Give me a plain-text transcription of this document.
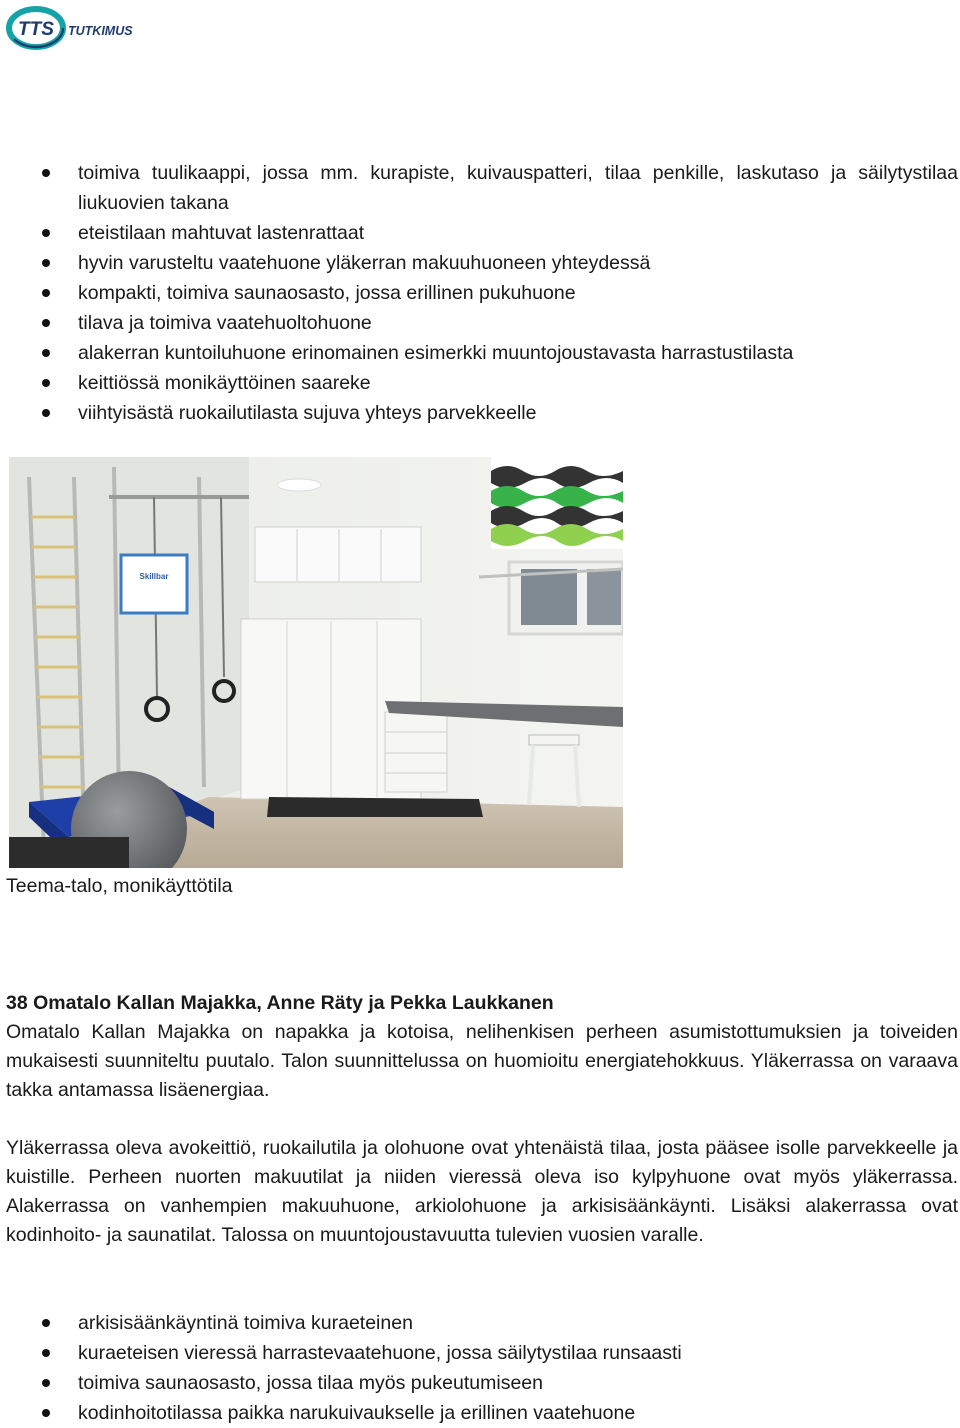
TTS TUTKIMUS
toimiva tuulikaappi, jossa mm. kurapiste, kuivauspatteri, tilaa penkille, laskutaso ja säilytystilaa liukuovien takana
eteistilaan mahtuvat lastenrattaat
hyvin varusteltu vaatehuone yläkerran makuuhuoneen yhteydessä
kompakti, toimiva saunaosasto, jossa erillinen pukuhuone
tilava ja toimiva vaatehuoltohuone
alakerran kuntoiluhuone erinomainen esimerkki muuntojoustavasta harrastustilasta
keittiössä monikäyttöinen saareke
viihtyisästä ruokailutilasta sujuva yhteys parvekkeelle
Skillbar
Teema-talo, monikäyttötila
38 Omatalo Kallan Majakka, Anne Räty ja Pekka Laukkanen

Omatalo Kallan Majakka on napakka ja kotoisa, nelihenkisen perheen asumistottumuksien ja toiveiden mukaisesti suunniteltu puutalo. Talon suunnittelussa on huomioitu energiatehokkuus. Yläkerrassa on varaava takka antamassa lisäenergiaa.

Yläkerrassa oleva avokeittiö, ruokailutila ja olohuone ovat yhtenäistä tilaa, josta pääsee isolle parvekkeelle ja kuistille. Perheen nuorten makuutilat ja niiden vieressä oleva iso kylpyhuone ovat myös yläkerrassa. Alakerrassa on vanhempien makuuhuone, arkiolohuone ja arkisisäänkäynti. Lisäksi alakerrassa ovat kodinhoito- ja saunatilat. Talossa on muuntojoustavuutta tulevien vuosien varalle.

arkisisäänkäyntinä toimiva kuraeteinen
kuraeteisen vieressä harrastevaatehuone, jossa säilytystilaa runsaasti
toimiva saunaosasto, jossa tilaa myös pukeutumiseen
kodinhoitotilassa paikka narukuivaukselle ja erillinen vaatehuone
